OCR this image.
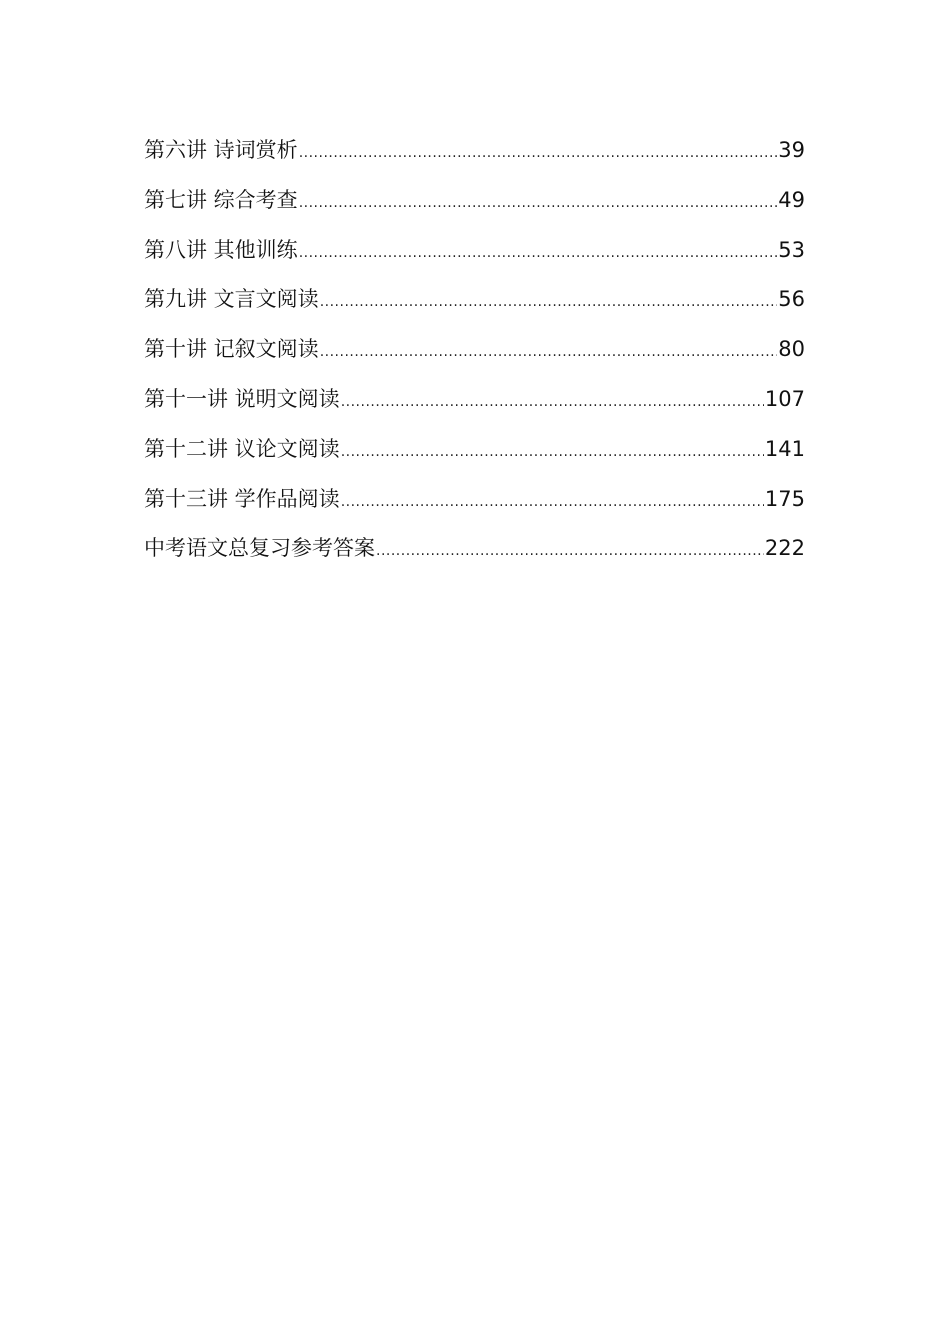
第六讲 诗词赏析 .....	39
第七讲 综合考查 .....	49
第八讲 其他训练 .....	53
第九讲 文言文阅读 .....	56
第十讲 记叙文阅读 .....	80
第十一讲 说明文阅读 .....	107
第十二讲 议论文阅读 .....	141
第十三讲 学作品阅读 .....	175
中考语文总复习参考答案 .....	222
